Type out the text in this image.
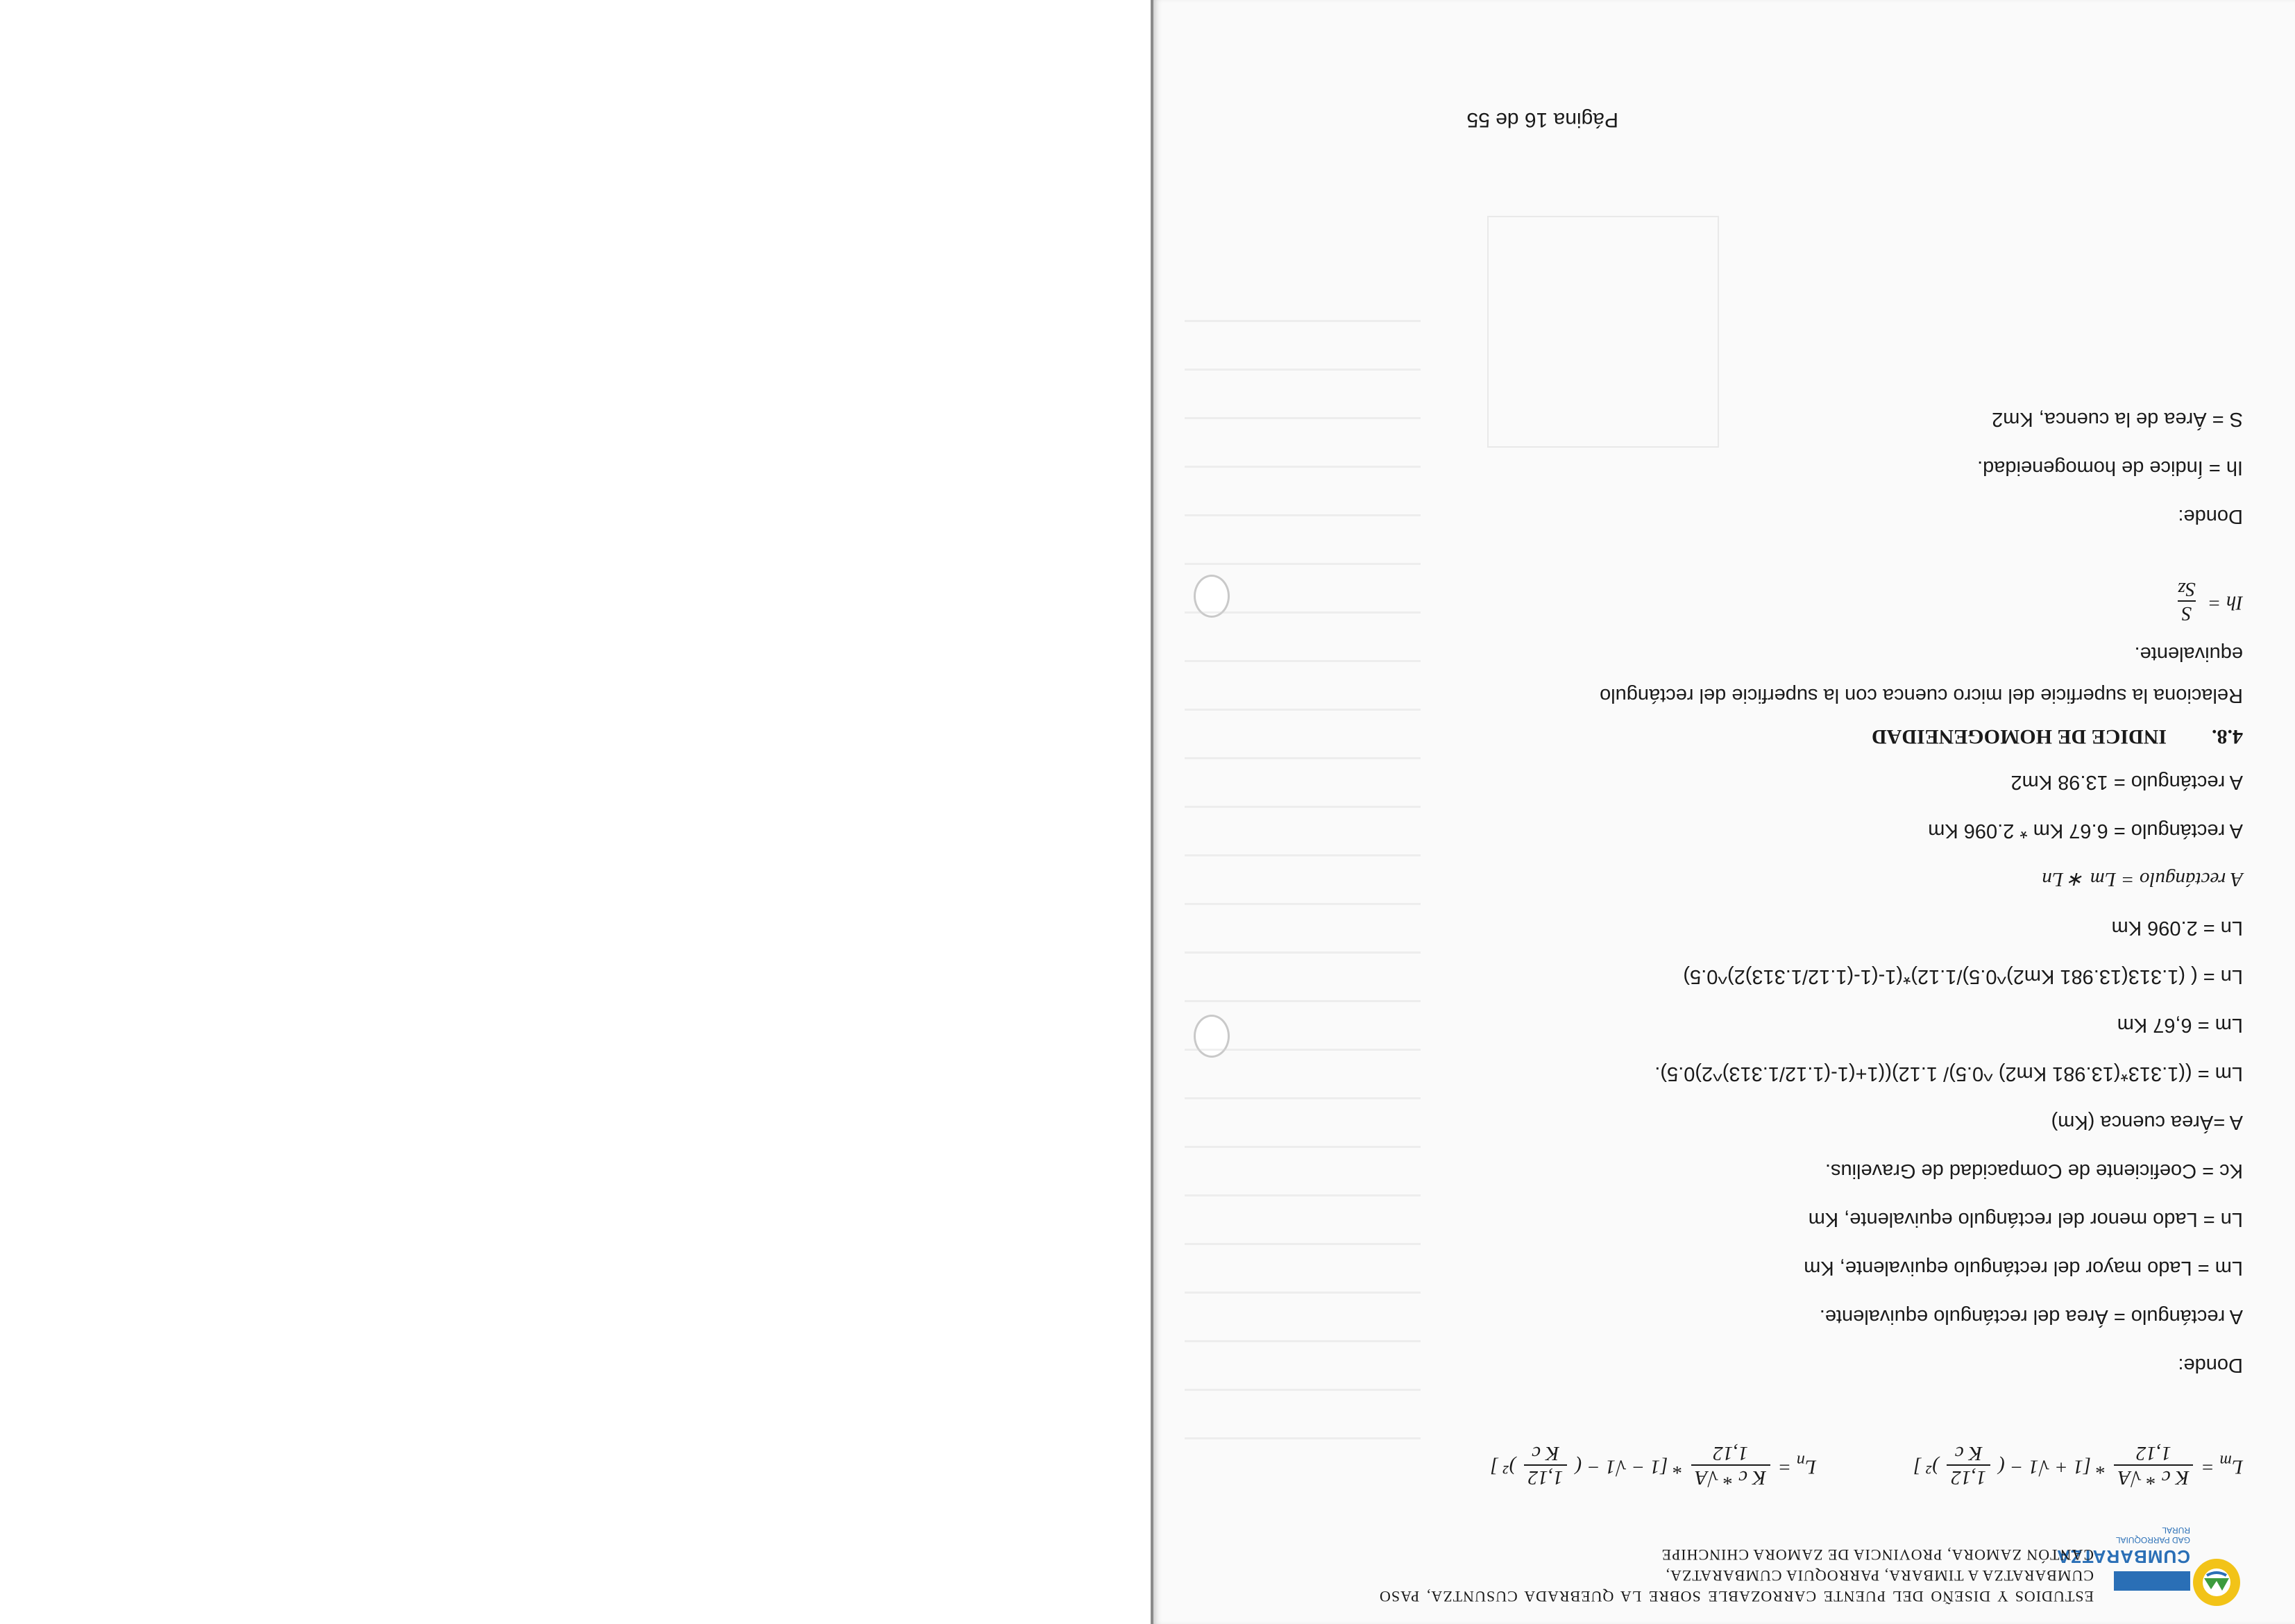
CUMBARATZA
GAD PARROQUIAL RURAL
ESTUDIOS Y DISEÑO DEL PUENTE CARROZABLE SOBRE LA QUEBRADA CUSUNTZA, PASO CUMBARATZA A TIMBARA, PARROQUIA CUMBARATZA,
CANTÓN ZAMORA, PROVINCIA DE ZAMORA CHINCHIPE
$L_m$ =
K c * √A
1,12
* [1 + √1 − (
1,12
K c
)² ]
$L_n$ =
K c * √A
1,12
* [1 − √1 − (
1,12
K c
)² ]
Donde:
A rectángulo = Área del rectángulo equivalente.
Lm = Lado mayor del rectángulo equivalente, Km
Ln = Lado menor del rectángulo equivalente, Km
Kc = Coeficiente de Compacidad de Gravelius.
A =Área cuenca (Km)
Lm = ((1.313*(13.981 Km2) ^0.5)/ 1.12)((1+(1-(1.12/1.313)^2)0.5).
Lm = 6,67 Km
Ln = ( (1.313(13.981 Km2)^0.5)/1.12)*(1-(1-(1.12/1.313)2)^0.5)
Ln = 2.096 Km
A rectángulo = Lm ∗ Ln
A rectángulo = 6.67 Km * 2.096 Km
A rectángulo = 13.98 Km2
4.8.
INDICE DE HOMOGENEIDAD
Relaciona la superficie del micro cuenca con la superficie del rectángulo
equivalente.
Ih =
S
Sz
Donde:
Ih = Índice de homogeneidad.
S = Área de la cuenca, Km2
Página 16 de 55
